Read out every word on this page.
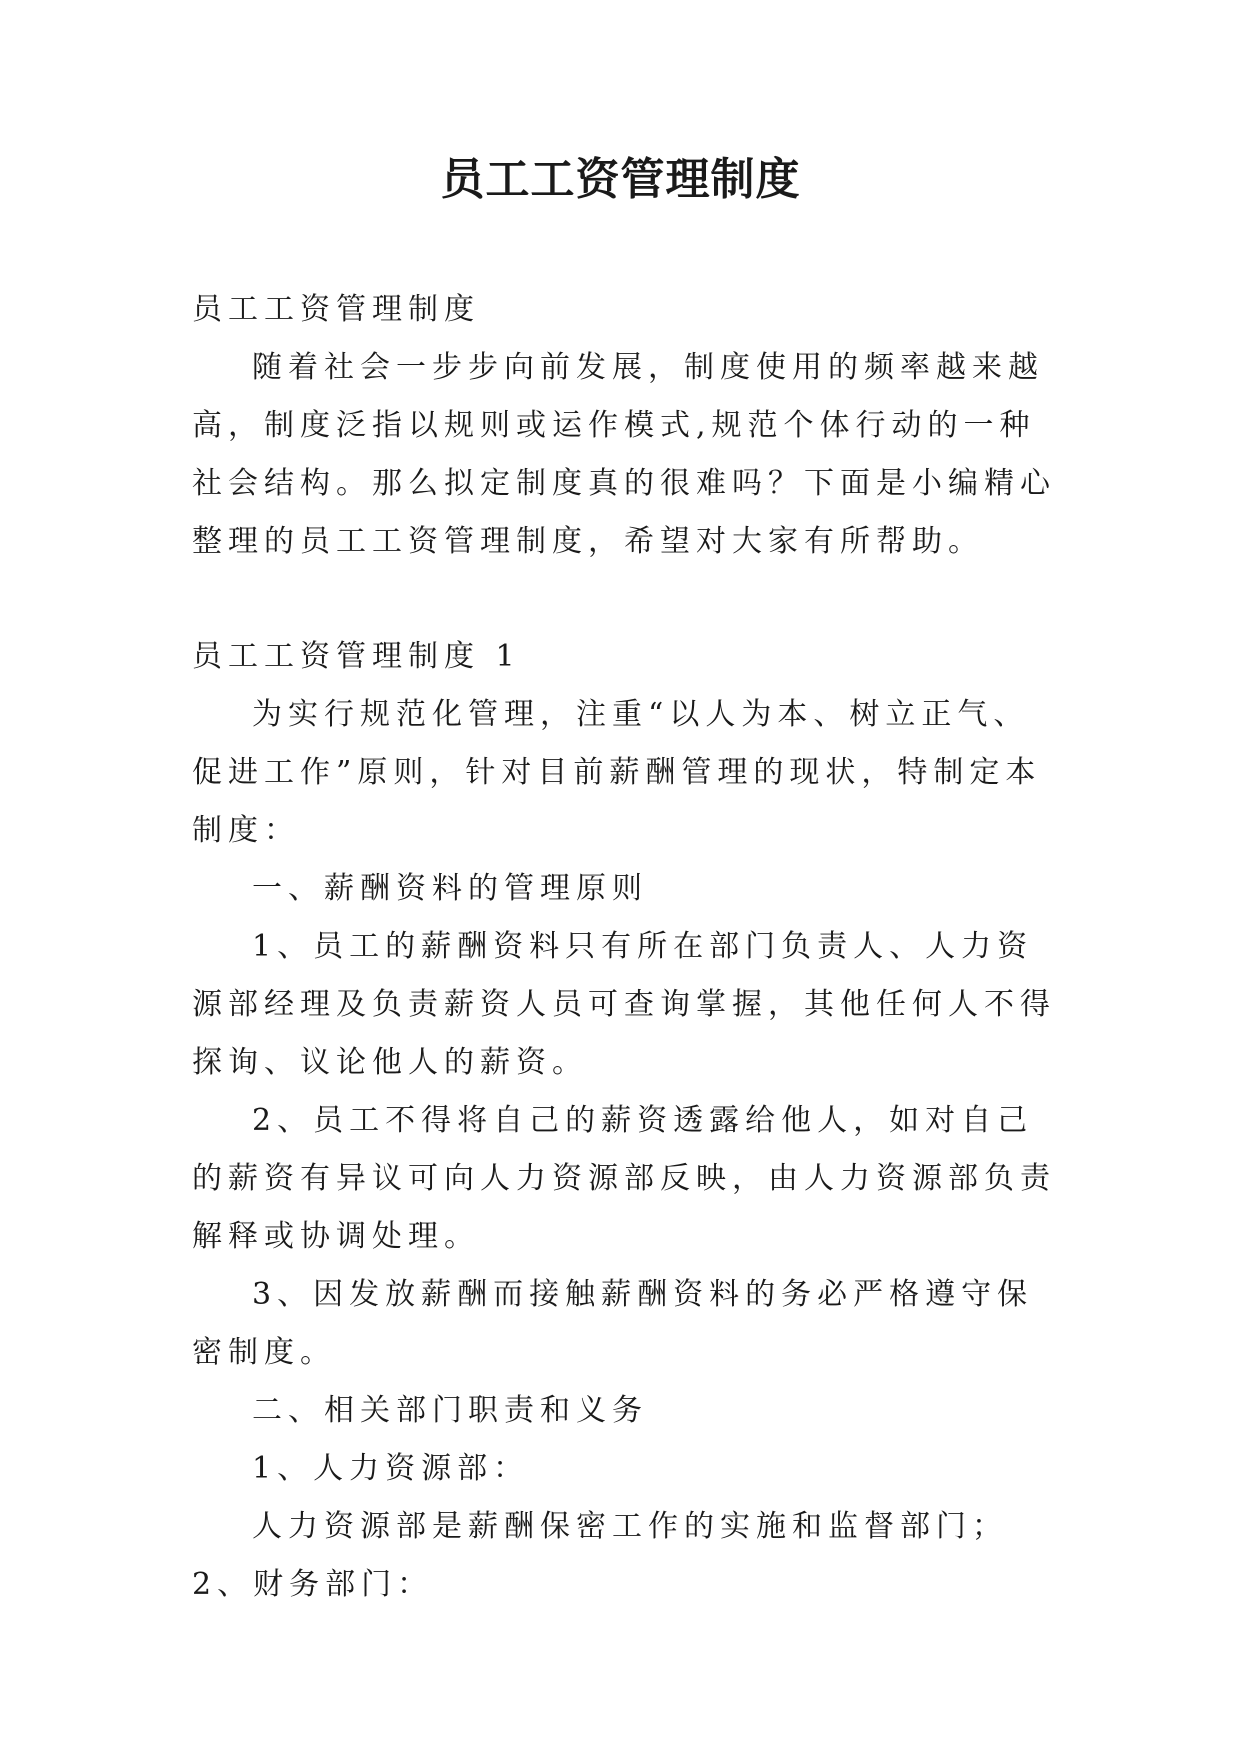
员工工资管理制度

员工工资管理制度

随着社会一步步向前发展，制度使用的频率越来越高，制度泛指以规则或运作模式,规范个体行动的一种社会结构。那么拟定制度真的很难吗？下面是小编精心整理的员工工资管理制度，希望对大家有所帮助。

员工工资管理制度 1

为实行规范化管理，注重“以人为本、树立正气、促进工作”原则，针对目前薪酬管理的现状，特制定本制度：

一、薪酬资料的管理原则

1、员工的薪酬资料只有所在部门负责人、人力资源部经理及负责薪资人员可查询掌握，其他任何人不得探询、议论他人的薪资。

2、员工不得将自己的薪资透露给他人，如对自己的薪资有异议可向人力资源部反映，由人力资源部负责解释或协调处理。

3、因发放薪酬而接触薪酬资料的务必严格遵守保密制度。

二、相关部门职责和义务

1、人力资源部：

人力资源部是薪酬保密工作的实施和监督部门；2、财务部门：
